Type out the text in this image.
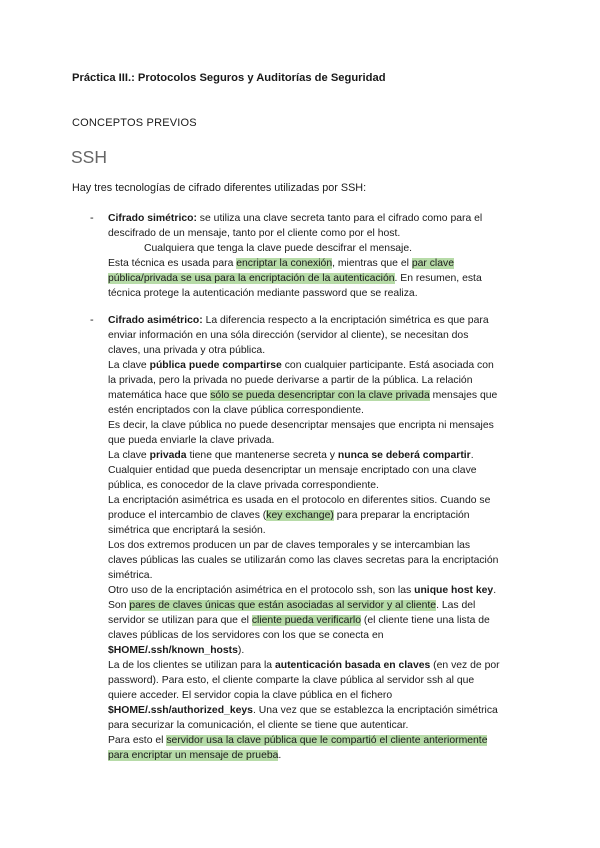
Práctica III.: Protocolos Seguros y Auditorías de Seguridad
CONCEPTOS PREVIOS
SSH
Hay tres tecnologías de cifrado diferentes utilizadas por SSH:
- Cifrado simétrico: se utiliza una clave secreta tanto para el cifrado como para el
descifrado de un mensaje, tanto por el cliente como por el host.
Cualquiera que tenga la clave puede descifrar el mensaje.
Esta técnica es usada para encriptar la conexión, mientras que el par clave
pública/privada se usa para la encriptación de la autenticación. En resumen, esta
técnica protege la autenticación mediante password que se realiza.
- Cifrado asimétrico: La diferencia respecto a la encriptación simétrica es que para
enviar información en una sóla dirección (servidor al cliente), se necesitan dos
claves, una privada y otra pública.
La clave pública puede compartirse con cualquier participante. Está asociada con
la privada, pero la privada no puede derivarse a partir de la pública. La relación
matemática hace que sólo se pueda desencriptar con la clave privada mensajes que
estén encriptados con la clave pública correspondiente.
Es decir, la clave pública no puede desencriptar mensajes que encripta ni mensajes
que pueda enviarle la clave privada.
La clave privada tiene que mantenerse secreta y nunca se deberá compartir.
Cualquier entidad que pueda desencriptar un mensaje encriptado con una clave
pública, es conocedor de la clave privada correspondiente.
La encriptación asimétrica es usada en el protocolo en diferentes sitios. Cuando se
produce el intercambio de claves (key exchange) para preparar la encriptación
simétrica que encriptará la sesión.
Los dos extremos producen un par de claves temporales y se intercambian las
claves públicas las cuales se utilizarán como las claves secretas para la encriptación
simétrica.
Otro uso de la encriptación asimétrica en el protocolo ssh, son las unique host key.
Son pares de claves únicas que están asociadas al servidor y al cliente. Las del
servidor se utilizan para que el cliente pueda verificarlo (el cliente tiene una lista de
claves públicas de los servidores con los que se conecta en
$HOME/.ssh/known_hosts).
La de los clientes se utilizan para la autenticación basada en claves (en vez de por
password). Para esto, el cliente comparte la clave pública al servidor ssh al que
quiere acceder. El servidor copia la clave pública en el fichero
$HOME/.ssh/authorized_keys. Una vez que se establezca la encriptación simétrica
para securizar la comunicación, el cliente se tiene que autenticar.
Para esto el servidor usa la clave pública que le compartió el cliente anteriormente
para encriptar un mensaje de prueba.
